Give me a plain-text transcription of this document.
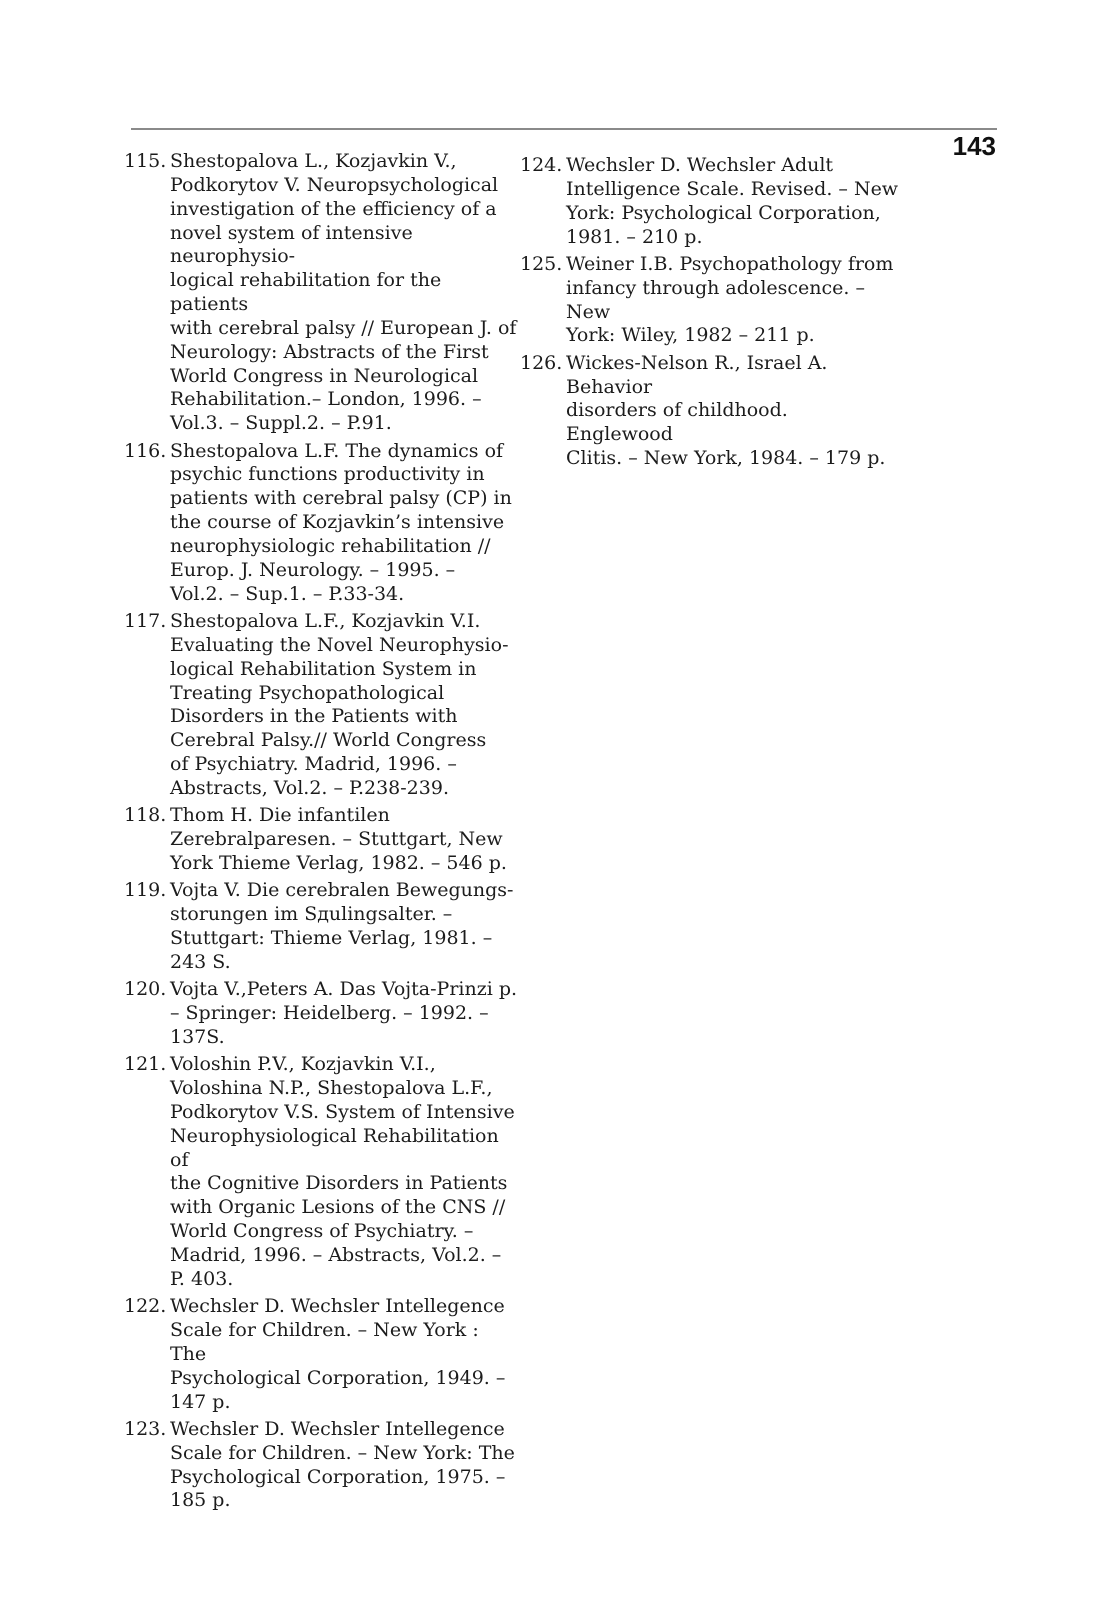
143
115. Shestopalova L., Kozjavkin V.,
Podkorytov V. Neuropsychological
investigation of the efficiency of a
novel system of intensive neurophysio-
logical rehabilitation for the patients
with cerebral palsy // European J. of
Neurology: Abstracts of the First
World Congress in Neurological
Rehabilitation.– London, 1996. –
Vol.3. – Suppl.2. – P.91.
116. Shestopalova L.F. The dynamics of
psychic functions productivity in
patients with cerebral palsy (CP) in
the course of Kozjavkin’s intensive
neurophysiologic rehabilitation //
Europ. J. Neurology. – 1995. –
Vol.2. – Sup.1. – P.33-34.
117. Shestopalova L.F., Kozjavkin V.I.
Evaluating the Novel Neurophysio-
logical Rehabilitation System in
Treating Psychopathological
Disorders in the Patients with
Cerebral Palsy.// World Congress
of Psychiatry. Madrid, 1996. –
Abstracts, Vol.2. – P.238-239.
118. Thom H. Die infantilen
Zerebralparesen. – Stuttgart, New
York Thieme Verlag, 1982. – 546 p.
119. Vojta V. Die cerebralen Bewegungs-
storungen im Sдulingsalter. –
Stuttgart: Thieme Verlag, 1981. –
243 S.
120. Vojta V.,Peters A. Das Vojta-Prinzi p.
– Springer: Heidelberg. – 1992. –
137S.
121. Voloshin P.V., Kozjavkin V.I.,
Voloshina N.P., Shestopalova L.F.,
Podkorytov V.S. System of Intensive
Neurophysiological Rehabilitation of
the Cognitive Disorders in Patients
with Organic Lesions of the CNS //
World Congress of Psychiatry. –
Madrid, 1996. – Abstracts, Vol.2. –
P. 403.
122. Wechsler D. Wechsler Intellegence
Scale for Children. – New York : The
Psychological Corporation, 1949. –
147 p.
123. Wechsler D. Wechsler Intellegence
Scale for Children. – New York: The
Psychological Corporation, 1975. –
185 p.
124. Wechsler D. Wechsler Adult
Intelligence Scale. Revised. – New
York: Psychological Corporation,
1981. – 210 p.
125. Weiner I.B. Psychopathology from
infancy through adolescence. – New
York: Wiley, 1982 – 211 p.
126. Wickes-Nelson R., Israel A. Behavior
disorders of childhood. Englewood
Clitis. – New York, 1984. – 179 p.
